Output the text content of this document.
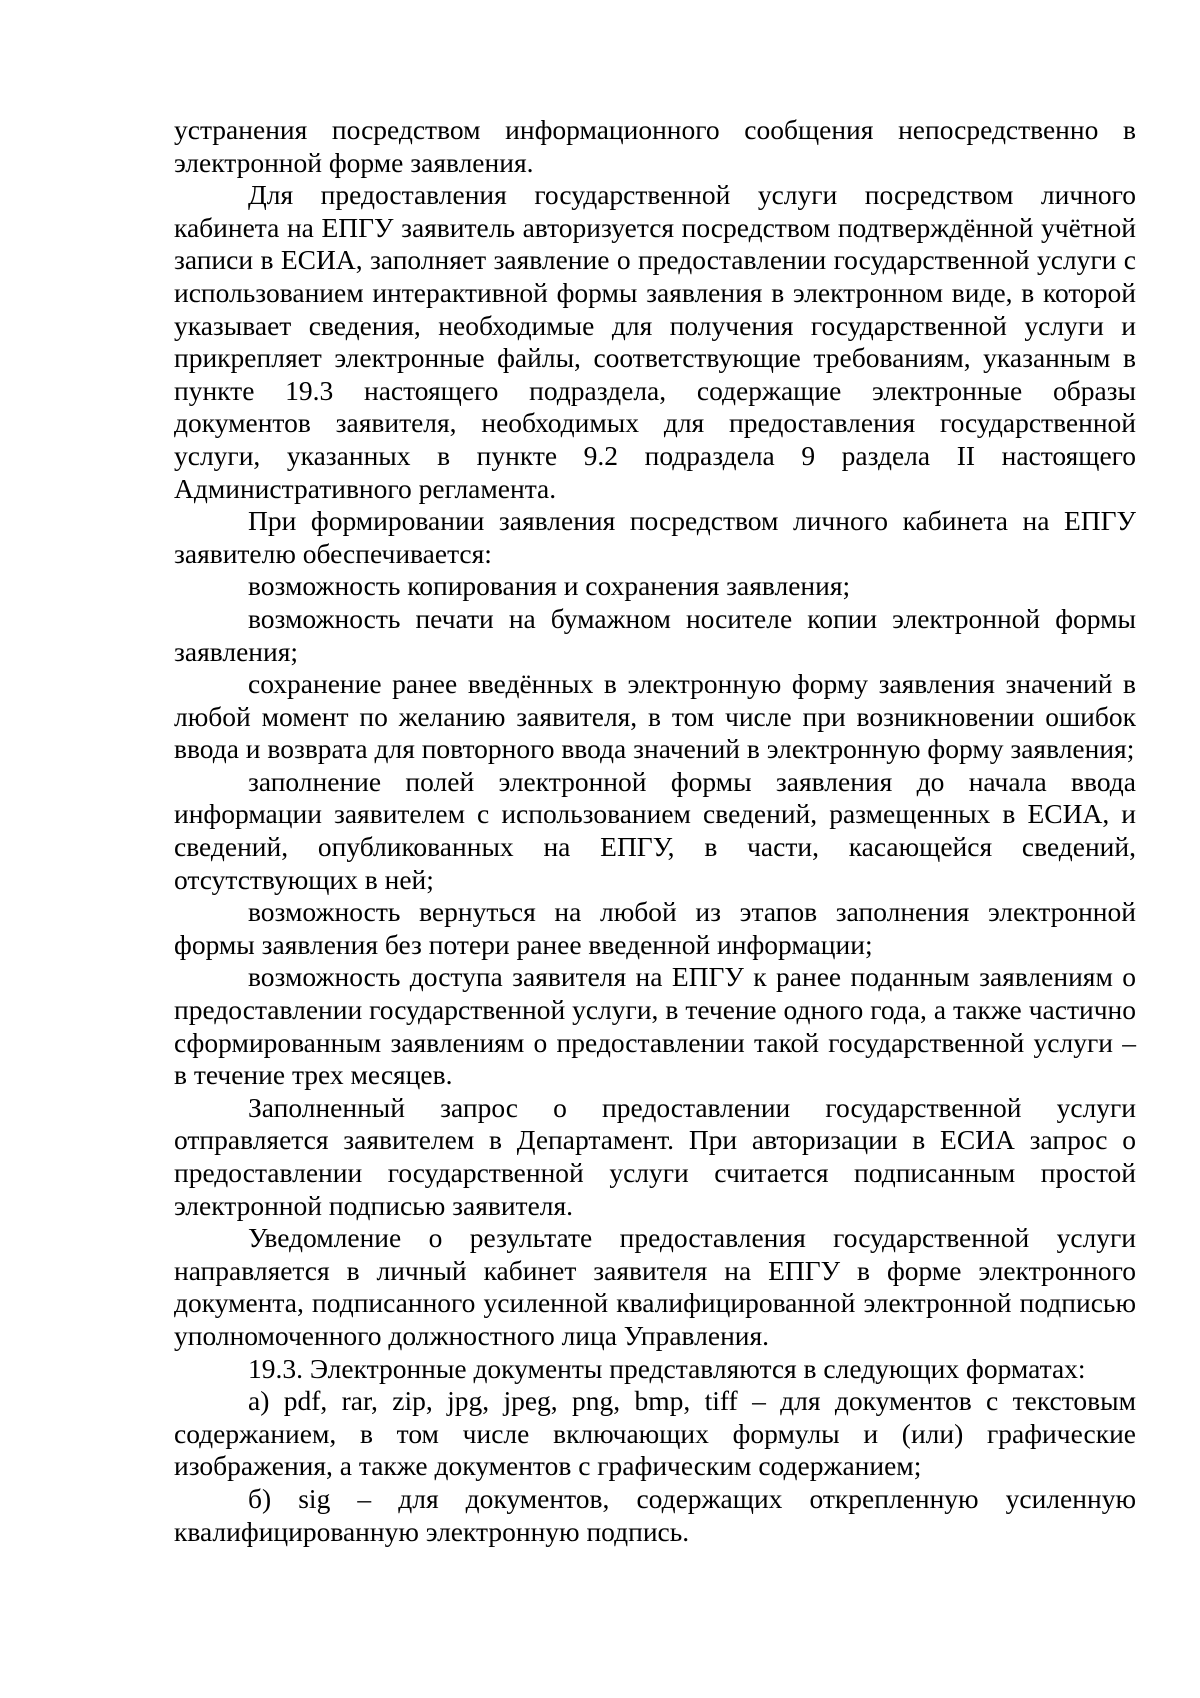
устранения посредством информационного сообщения непосредственно в электронной форме заявления.

Для предоставления государственной услуги посредством личного кабинета на ЕПГУ заявитель авторизуется посредством подтверждённой учётной записи в ЕСИА, заполняет заявление о предоставлении государственной услуги с использованием интерактивной формы заявления в электронном виде, в которой указывает сведения, необходимые для получения государственной услуги и прикрепляет электронные файлы, соответствующие требованиям, указанным в пункте 19.3 настоящего подраздела, содержащие электронные образы документов заявителя, необходимых для предоставления государственной услуги, указанных в пункте 9.2 подраздела 9 раздела II настоящего Административного регламента.

При формировании заявления посредством личного кабинета на ЕПГУ заявителю обеспечивается:

возможность копирования и сохранения заявления;

возможность печати на бумажном носителе копии электронной формы заявления;

сохранение ранее введённых в электронную форму заявления значений в любой момент по желанию заявителя, в том числе при возникновении ошибок ввода и возврата для повторного ввода значений в электронную форму заявления;

заполнение полей электронной формы заявления до начала ввода информации заявителем с использованием сведений, размещенных в ЕСИА, и сведений, опубликованных на ЕПГУ, в части, касающейся сведений, отсутствующих в ней;

возможность вернуться на любой из этапов заполнения электронной формы заявления без потери ранее введенной информации;

возможность доступа заявителя на ЕПГУ к ранее поданным заявлениям о предоставлении государственной услуги, в течение одного года, а также частично сформированным заявлениям о предоставлении такой государственной услуги – в течение трех месяцев.

Заполненный запрос о предоставлении государственной услуги отправляется заявителем в Департамент. При авторизации в ЕСИА запрос о предоставлении государственной услуги считается подписанным простой электронной подписью заявителя.

Уведомление о результате предоставления государственной услуги направляется в личный кабинет заявителя на ЕПГУ в форме электронного документа, подписанного усиленной квалифицированной электронной подписью уполномоченного должностного лица Управления.

19.3. Электронные документы представляются в следующих форматах:

а) pdf, rar, zip, jpg, jpeg, png, bmp, tiff – для документов с текстовым содержанием, в том числе включающих формулы и (или) графические изображения, а также документов с графическим содержанием;

б) sig – для документов, содержащих открепленную усиленную квалифицированную электронную подпись.
